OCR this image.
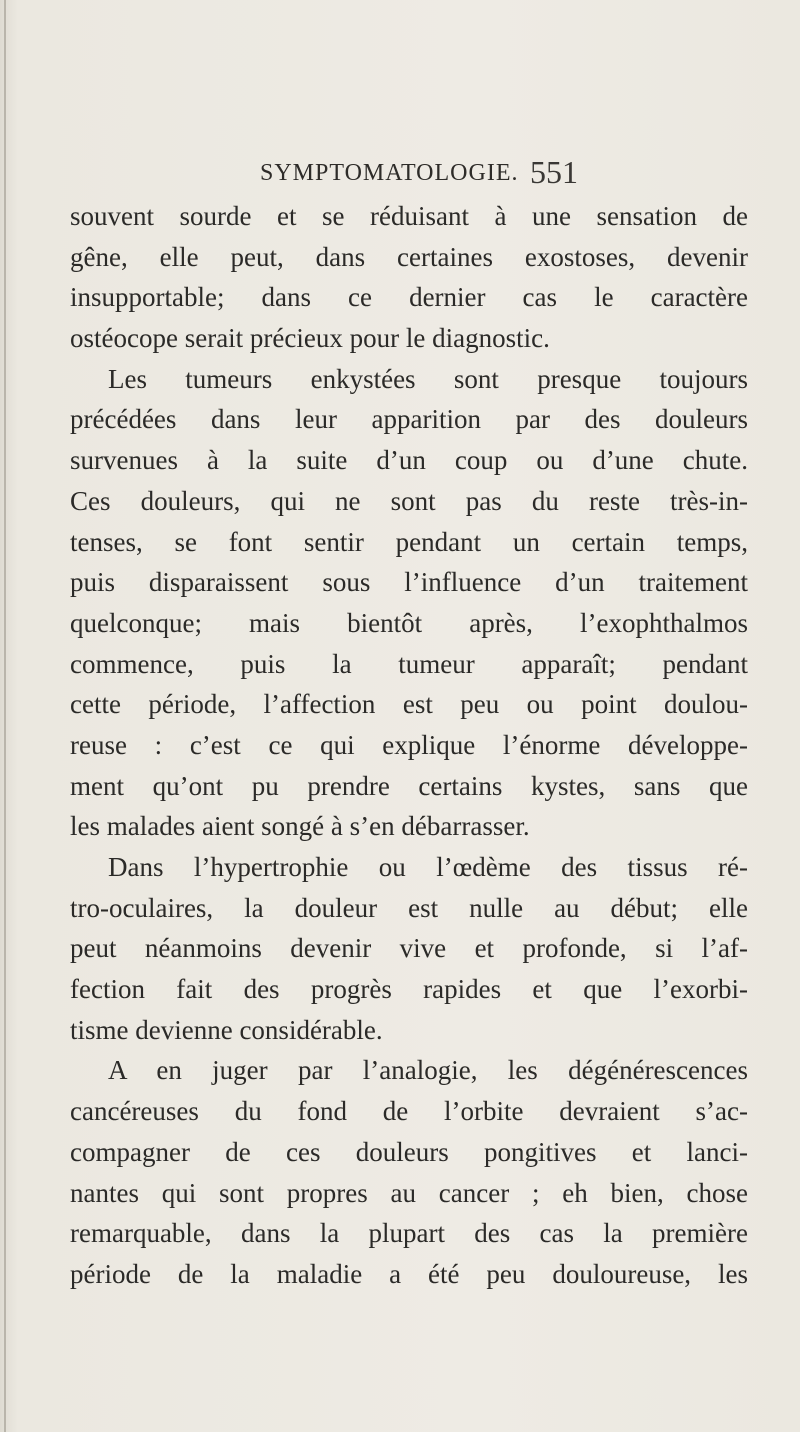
SYMPTOMATOLOGIE. 551
souvent sourde et se réduisant à une sensation de
gêne, elle peut, dans certaines exostoses, devenir
insupportable; dans ce dernier cas le caractère
ostéocope serait précieux pour le diagnostic.
Les tumeurs enkystées sont presque toujours
précédées dans leur apparition par des douleurs
survenues à la suite d’un coup ou d’une chute.
Ces douleurs, qui ne sont pas du reste très-in-
tenses, se font sentir pendant un certain temps,
puis disparaissent sous l’influence d’un traitement
quelconque; mais bientôt après, l’exophthalmos
commence, puis la tumeur apparaît; pendant
cette période, l’affection est peu ou point doulou-
reuse : c’est ce qui explique l’énorme développe-
ment qu’ont pu prendre certains kystes, sans que
les malades aient songé à s’en débarrasser.
Dans l’hypertrophie ou l’œdème des tissus ré-
tro-oculaires, la douleur est nulle au début; elle
peut néanmoins devenir vive et profonde, si l’af-
fection fait des progrès rapides et que l’exorbi-
tisme devienne considérable.
A en juger par l’analogie, les dégénérescences
cancéreuses du fond de l’orbite devraient s’ac-
compagner de ces douleurs pongitives et lanci-
nantes qui sont propres au cancer ; eh bien, chose
remarquable, dans la plupart des cas la première
période de la maladie a été peu douloureuse, les
